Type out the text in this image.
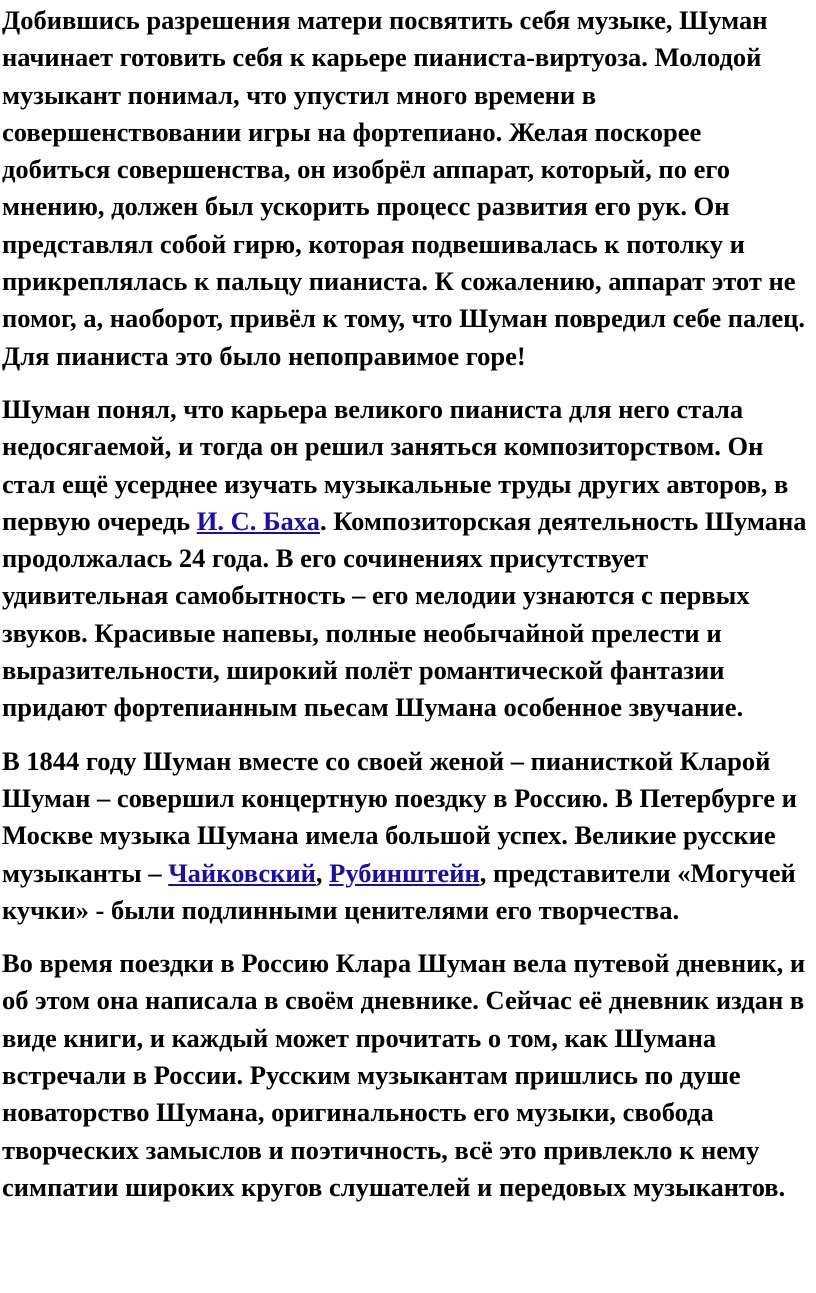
Добившись разрешения матери посвятить себя музыке, Шуман начинает готовить себя к карьере пианиста-виртуоза. Молодой музыкант понимал, что упустил много времени в совершенствовании игры на фортепиано. Желая поскорее добиться совершенства, он изобрёл аппарат, который, по его мнению, должен был ускорить процесс развития его рук. Он представлял собой гирю, которая подвешивалась к потолку и прикреплялась к пальцу пианиста. К сожалению, аппарат этот не помог, а, наоборот, привёл к тому, что Шуман повредил себе палец. Для пианиста это было непоправимое горе!

Шуман понял, что карьера великого пианиста для него стала недосягаемой, и тогда он решил заняться композиторством. Он стал ещё усерднее изучать музыкальные труды других авторов, в первую очередь И. С. Баха. Композиторская деятельность Шумана продолжалась 24 года. В его сочинениях присутствует удивительная самобытность – его мелодии узнаются с первых звуков. Красивые напевы, полные необычайной прелести и выразительности, широкий полёт романтической фантазии придают фортепианным пьесам Шумана особенное звучание.

В 1844 году Шуман вместе со своей женой – пианисткой Кларой Шуман – совершил концертную поездку в Россию. В Петербурге и Москве музыка Шумана имела большой успех. Великие русские музыканты – Чайковский, Рубинштейн, представители «Могучей кучки» - были подлинными ценителями его творчества.

Во время поездки в Россию Клара Шуман вела путевой дневник, и об этом она написала в своём дневнике. Сейчас её дневник издан в виде книги, и каждый может прочитать о том, как Шумана встречали в России. Русским музыкантам пришлись по душе новаторство Шумана, оригинальность его музыки, свобода творческих замыслов и поэтичность, всё это привлекло к нему симпатии широких кругов слушателей и передовых музыкантов.
